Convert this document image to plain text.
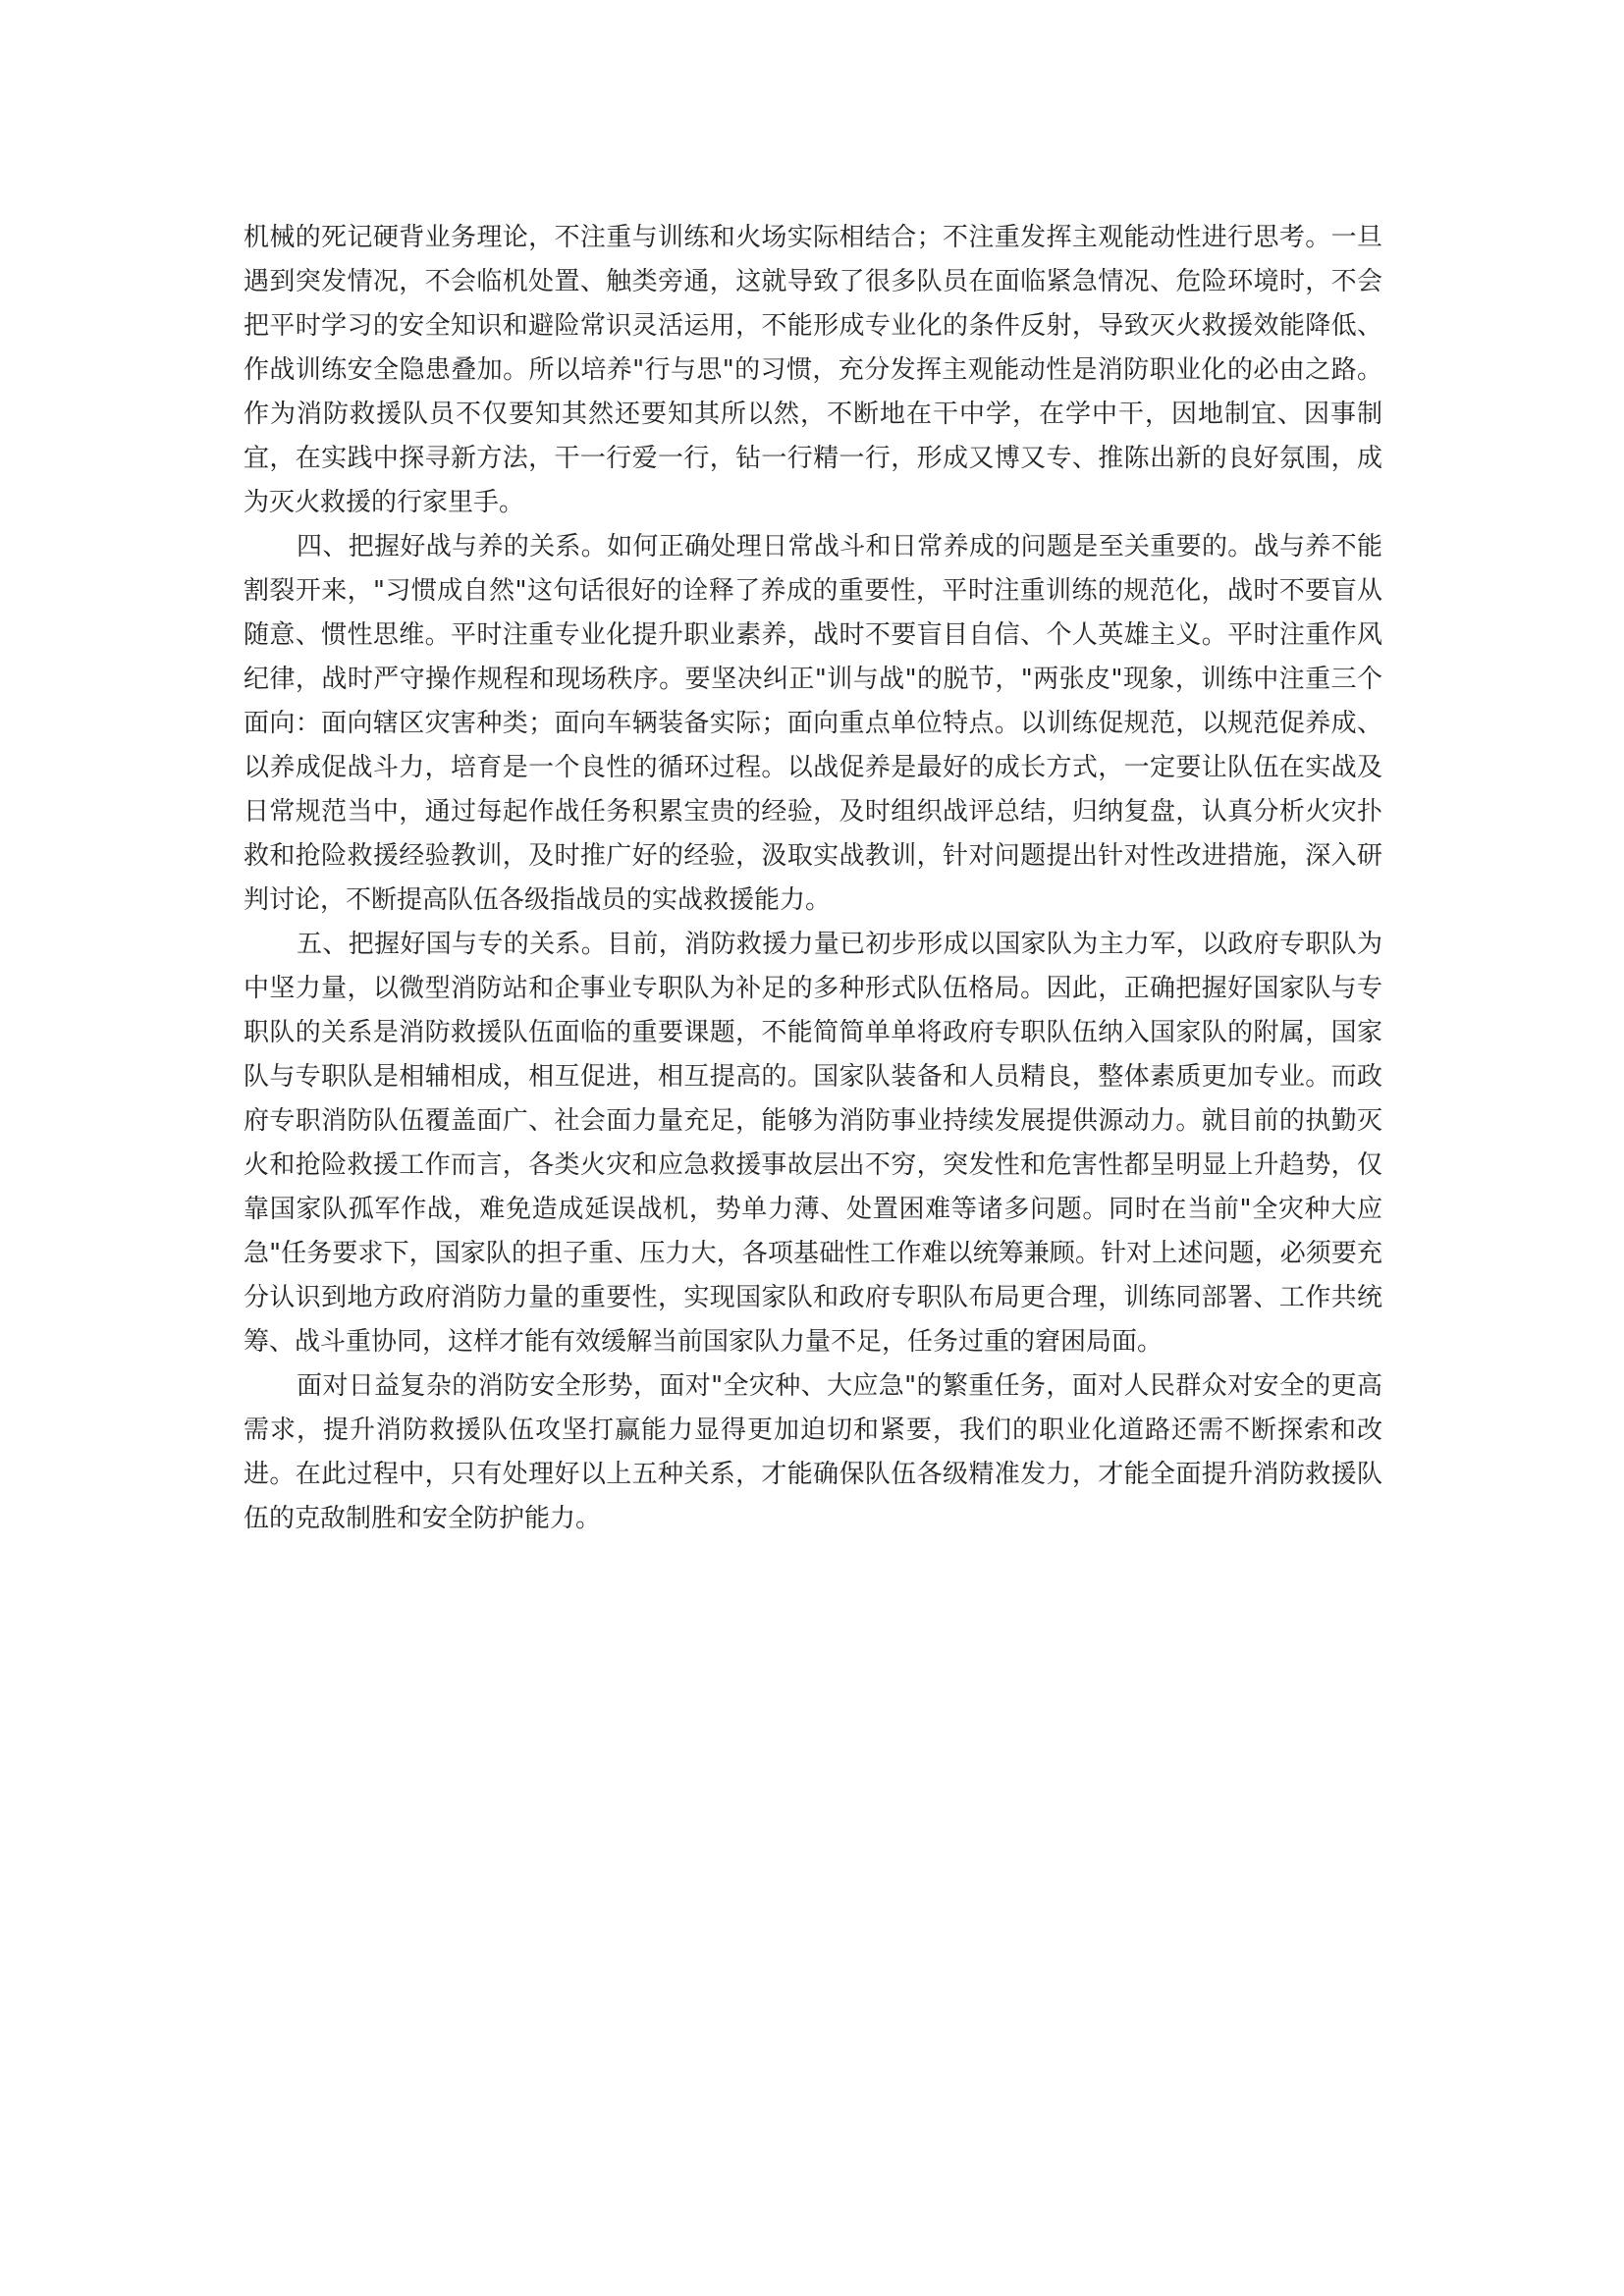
机械的死记硬背业务理论，不注重与训练和火场实际相结合；不注重发挥主观能动性进行思考。一旦遇到突发情况，不会临机处置、触类旁通，这就导致了很多队员在面临紧急情况、危险环境时，不会把平时学习的安全知识和避险常识灵活运用，不能形成专业化的条件反射，导致灭火救援效能降低、作战训练安全隐患叠加。所以培养"行与思"的习惯，充分发挥主观能动性是消防职业化的必由之路。作为消防救援队员不仅要知其然还要知其所以然，不断地在干中学，在学中干，因地制宜、因事制宜，在实践中探寻新方法，干一行爱一行，钻一行精一行，形成又博又专、推陈出新的良好氛围，成为灭火救援的行家里手。

四、把握好战与养的关系。如何正确处理日常战斗和日常养成的问题是至关重要的。战与养不能割裂开来，"习惯成自然"这句话很好的诠释了养成的重要性，平时注重训练的规范化，战时不要盲从随意、惯性思维。平时注重专业化提升职业素养，战时不要盲目自信、个人英雄主义。平时注重作风纪律，战时严守操作规程和现场秩序。要坚决纠正"训与战"的脱节，"两张皮"现象，训练中注重三个面向：面向辖区灾害种类；面向车辆装备实际；面向重点单位特点。以训练促规范，以规范促养成、以养成促战斗力，培育是一个良性的循环过程。以战促养是最好的成长方式，一定要让队伍在实战及日常规范当中，通过每起作战任务积累宝贵的经验，及时组织战评总结，归纳复盘，认真分析火灾扑救和抢险救援经验教训，及时推广好的经验，汲取实战教训，针对问题提出针对性改进措施，深入研判讨论，不断提高队伍各级指战员的实战救援能力。

五、把握好国与专的关系。目前，消防救援力量已初步形成以国家队为主力军，以政府专职队为中坚力量，以微型消防站和企事业专职队为补足的多种形式队伍格局。因此，正确把握好国家队与专职队的关系是消防救援队伍面临的重要课题，不能简简单单将政府专职队伍纳入国家队的附属，国家队与专职队是相辅相成，相互促进，相互提高的。国家队装备和人员精良，整体素质更加专业。而政府专职消防队伍覆盖面广、社会面力量充足，能够为消防事业持续发展提供源动力。就目前的执勤灭火和抢险救援工作而言，各类火灾和应急救援事故层出不穷，突发性和危害性都呈明显上升趋势，仅靠国家队孤军作战，难免造成延误战机，势单力薄、处置困难等诸多问题。同时在当前"全灾种大应急"任务要求下，国家队的担子重、压力大，各项基础性工作难以统筹兼顾。针对上述问题，必须要充分认识到地方政府消防力量的重要性，实现国家队和政府专职队布局更合理，训练同部署、工作共统筹、战斗重协同，这样才能有效缓解当前国家队力量不足，任务过重的窘困局面。

面对日益复杂的消防安全形势，面对"全灾种、大应急"的繁重任务，面对人民群众对安全的更高需求，提升消防救援队伍攻坚打赢能力显得更加迫切和紧要，我们的职业化道路还需不断探索和改进。在此过程中，只有处理好以上五种关系，才能确保队伍各级精准发力，才能全面提升消防救援队伍的克敌制胜和安全防护能力。
